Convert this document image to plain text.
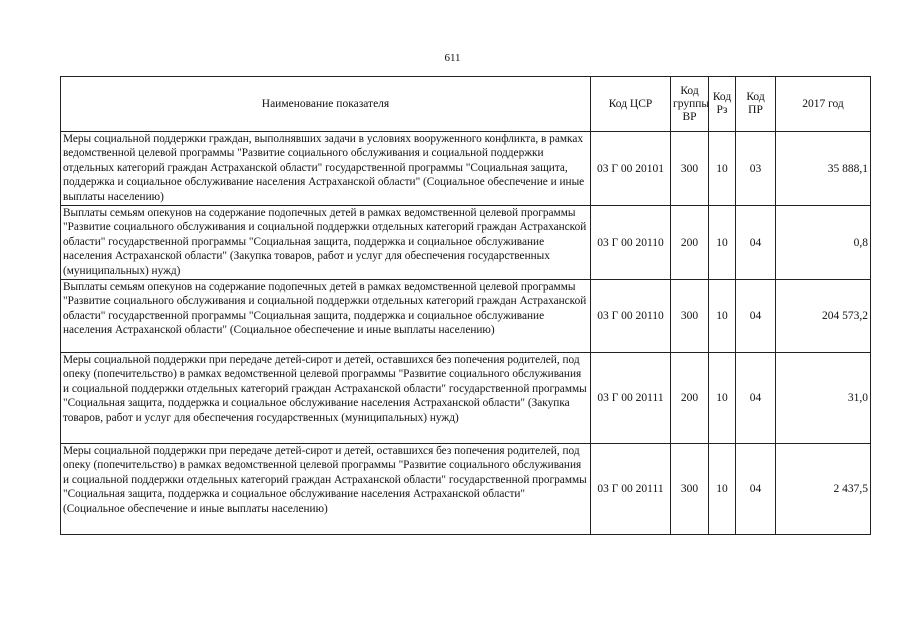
611
Наименование показателя	Код ЦСР	Код группы ВР	Код Рз	Код ПР	2017 год
Меры социальной поддержки граждан, выполнявших задачи в условиях вооруженного конфликта, в рамках ведомственной целевой программы "Развитие социального обслуживания и социальной поддержки отдельных категорий граждан Астраханской области" государственной программы "Социальная защита, поддержка и социальное обслуживание населения Астраханской области" (Социальное обеспечение и иные выплаты населению)	03 Г 00 20101	300	10	03	35 888,1
Выплаты семьям опекунов на содержание подопечных детей в рамках ведомственной целевой программы "Развитие социального обслуживания и социальной поддержки отдельных категорий граждан Астраханской области" государственной программы "Социальная защита, поддержка и социальное обслуживание населения Астраханской области" (Закупка товаров, работ и услуг для обеспечения государственных (муниципальных) нужд)	03 Г 00 20110	200	10	04	0,8
Выплаты семьям опекунов на содержание подопечных детей в рамках ведомственной целевой программы "Развитие социального обслуживания и социальной поддержки отдельных категорий граждан Астраханской области" государственной программы "Социальная защита, поддержка и социальное обслуживание населения Астраханской области" (Социальное обеспечение и иные выплаты населению)	03 Г 00 20110	300	10	04	204 573,2
Меры социальной поддержки при передаче детей-сирот и детей, оставшихся без попечения родителей, под опеку (попечительство) в рамках ведомственной целевой программы "Развитие социального обслуживания и социальной поддержки отдельных категорий граждан Астраханской области" государственной программы "Социальная защита, поддержка и социальное обслуживание населения Астраханской области" (Закупка товаров, работ и услуг для обеспечения государственных (муниципальных) нужд)	03 Г 00 20111	200	10	04	31,0
Меры социальной поддержки при передаче детей-сирот и детей, оставшихся без попечения родителей, под опеку (попечительство) в рамках ведомственной целевой программы "Развитие социального обслуживания и социальной поддержки отдельных категорий граждан Астраханской области" государственной программы "Социальная защита, поддержка и социальное обслуживание населения Астраханской области" (Социальное обеспечение и иные выплаты населению)	03 Г 00 20111	300	10	04	2 437,5
